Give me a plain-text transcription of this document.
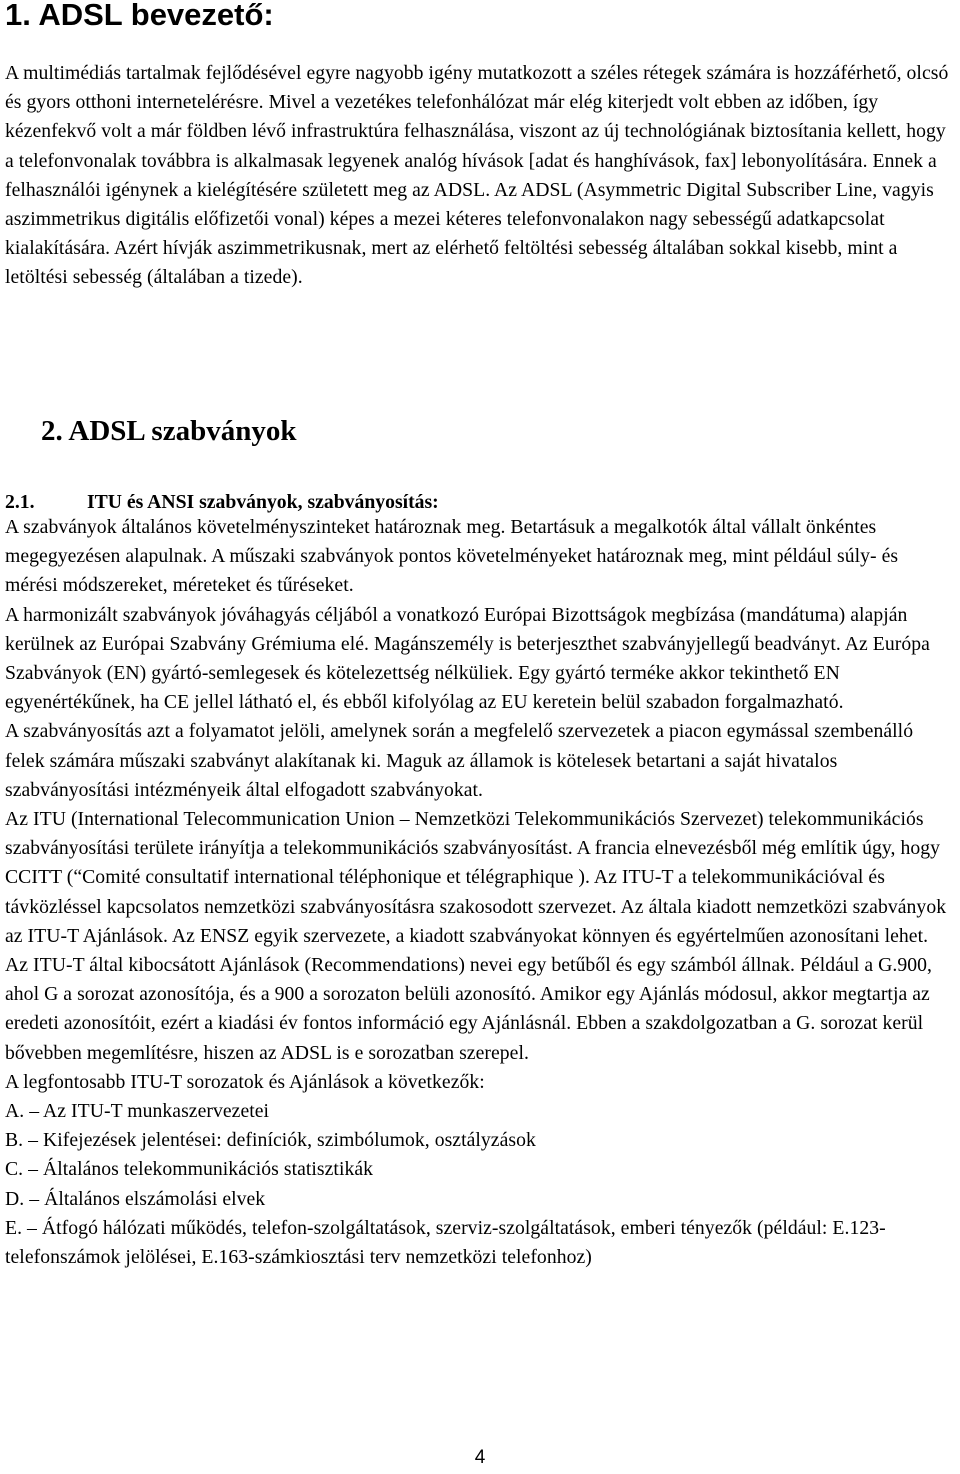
1. ADSL bevezető:

A multimédiás tartalmak fejlődésével egyre nagyobb igény mutatkozott a széles rétegek számára is hozzáférhető, olcsó és gyors otthoni internetelérésre. Mivel a vezetékes telefonhálózat már elég kiterjedt volt ebben az időben, így kézenfekvő volt a már földben lévő infrastruktúra felhasználása, viszont az új technológiának biztosítania kellett, hogy a telefonvonalak továbbra is alkalmasak legyenek analóg hívások [adat és hanghívások, fax] lebonyolítására. Ennek a felhasználói igénynek a kielégítésére született meg az ADSL. Az ADSL (Asymmetric Digital Subscriber Line, vagyis aszimmetrikus digitális előfizetői vonal) képes a mezei kéteres telefonvonalakon nagy sebességű adatkapcsolat kialakítására. Azért hívják aszimmetrikusnak, mert az elérhető feltöltési sebesség általában sokkal kisebb, mint a letöltési sebesség (általában a tizede).

2. ADSL szabványok
2.1.	ITU és ANSI szabványok, szabványosítás:

A szabványok általános követelményszinteket határoznak meg. Betartásuk a megalkotók által vállalt önkéntes megegyezésen alapulnak. A műszaki szabványok pontos követelményeket határoznak meg, mint például súly- és mérési módszereket, méreteket és tűréseket.

A harmonizált szabványok jóváhagyás céljából a vonatkozó Európai Bizottságok megbízása (mandátuma) alapján kerülnek az Európai Szabvány Grémiuma elé. Magánszemély is beterjeszthet szabványjellegű beadványt. Az Európa Szabványok (EN) gyártó-semlegesek és kötelezettség nélküliek. Egy gyártó terméke akkor tekinthető EN egyenértékűnek, ha CE jellel látható el, és ebből kifolyólag az EU keretein belül szabadon forgalmazható.

A szabványosítás azt a folyamatot jelöli, amelynek során a megfelelő szervezetek a piacon egymással szembenálló felek számára műszaki szabványt alakítanak ki. Maguk az államok is kötelesek betartani a saját hivatalos szabványosítási intézményeik által elfogadott szabványokat.

Az ITU (International Telecommunication Union ‒ Nemzetközi Telekommunikációs Szervezet) telekommunikációs szabványosítási területe irányítja a telekommunikációs szabványosítást. A francia elnevezésből még említik úgy, hogy CCITT (“Comité consultatif international téléphonique et télégraphique ). Az ITU-T a telekommunikációval és távközléssel kapcsolatos nemzetközi szabványosításra szakosodott szervezet. Az általa kiadott nemzetközi szabványok az ITU-T Ajánlások. Az ENSZ egyik szervezete, a kiadott szabványokat könnyen és egyértelműen azonosítani lehet. Az ITU-T által kibocsátott Ajánlások (Recommendations) nevei egy betűből és egy számból állnak. Például a G.900, ahol G a sorozat azonosítója, és a 900 a sorozaton belüli azonosító. Amikor egy Ajánlás módosul, akkor megtartja az eredeti azonosítóit, ezért a kiadási év fontos információ egy Ajánlásnál. Ebben a szakdolgozatban a G. sorozat kerül bővebben megemlítésre, hiszen az ADSL is e sorozatban szerepel.

A legfontosabb ITU-T sorozatok és Ajánlások a következők:

A. ‒ Az ITU-T munkaszervezetei

B. ‒ Kifejezések jelentései: definíciók, szimbólumok, osztályzások

C. ‒ Általános telekommunikációs statisztikák

D. ‒ Általános elszámolási elvek

E. ‒ Átfogó hálózati működés, telefon-szolgáltatások, szerviz-szolgáltatások, emberi tényezők (például: E.123-telefonszámok jelölései, E.163-számkiosztási terv nemzetközi telefonhoz)

4
